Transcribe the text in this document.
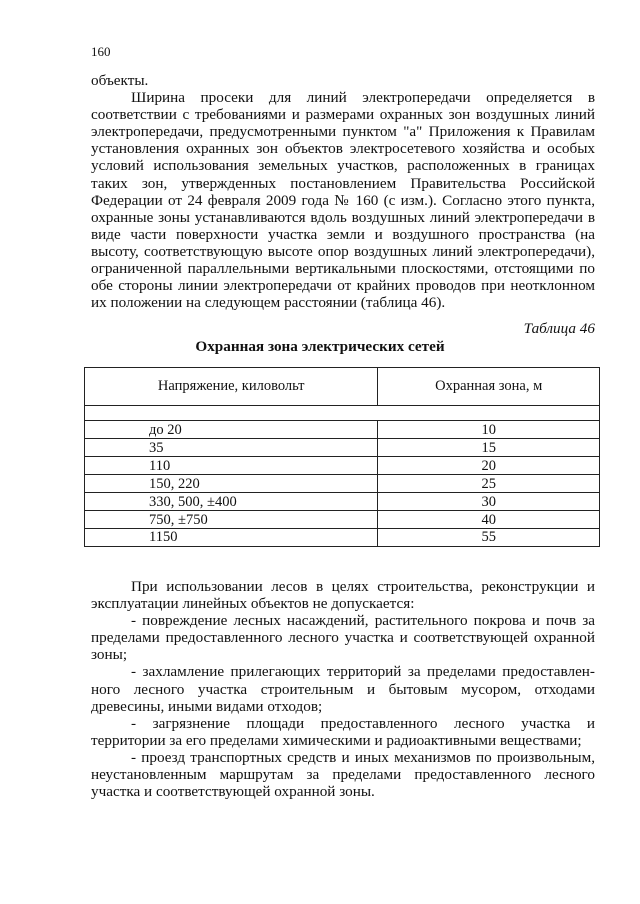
160

объекты.

Ширина просеки для линий электропередачи определяется в соответствии с требованиями и размерами охранных зон воздушных линий электропередачи, предусмотренными пунктом "а" Приложения к Правилам установления охранных зон объектов электросетевого хозяйства и особых условий использования земельных участков, расположенных в границах таких зон, утвержденных постановлением Правительства Российской Федерации от 24 февраля 2009 года № 160 (с изм.). Согласно этого пункта, охранные зоны устанавливаются вдоль воздушных линий электропередачи в виде части поверхности участка земли и воздушного пространства (на высоту, соответствующую высоте опор воздушных линий электропередачи), ограниченной параллельными вертикальными плоскостями, отстоящими по обе стороны линии электропередачи от крайних проводов при неотклонном их положении на следующем расстоянии (таблица 46).

Таблица 46
Охранная зона электрических сетей
Напряжение, киловольт	Охранная зона, м

до 20	10
35	15
110	20
150, 220	25
330, 500, ±400	30
750, ±750	40
1150	55

При использовании лесов в целях строительства, реконструкции и эксплуатации линейных объектов не допускается:

- повреждение лесных насаждений, растительного покрова и почв за пределами предоставленного лесного участка и соответствующей охранной зоны;

- захламление прилегающих территорий за пределами предоставлен-ного лесного участка строительным и бытовым мусором, отходами древесины, иными видами отходов;

- загрязнение площади предоставленного лесного участка и территории за его пределами химическими и радиоактивными веществами;

- проезд транспортных средств и иных механизмов по произвольным, неустановленным маршрутам за пределами предоставленного лесного участка и соответствующей охранной зоны.
